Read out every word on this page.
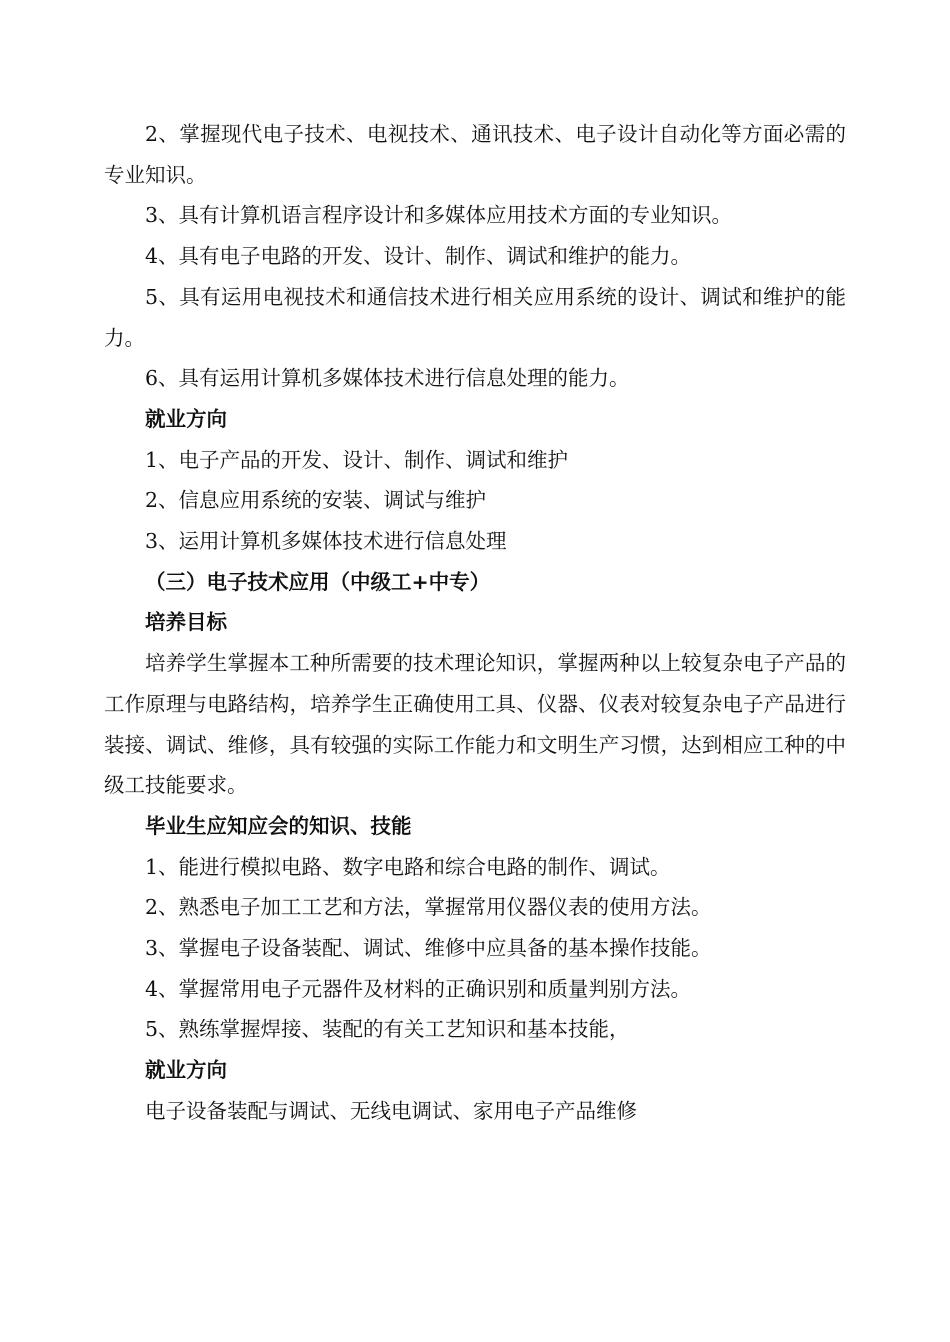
2、掌握现代电子技术、电视技术、通讯技术、电子设计自动化等方面必需的专业知识。

3、具有计算机语言程序设计和多媒体应用技术方面的专业知识。

4、具有电子电路的开发、设计、制作、调试和维护的能力。

5、具有运用电视技术和通信技术进行相关应用系统的设计、调试和维护的能力。

6、具有运用计算机多媒体技术进行信息处理的能力。

就业方向

1、电子产品的开发、设计、制作、调试和维护

2、信息应用系统的安装、调试与维护

3、运用计算机多媒体技术进行信息处理

（三）电子技术应用（中级工+中专）

培养目标

培养学生掌握本工种所需要的技术理论知识，掌握两种以上较复杂电子产品的工作原理与电路结构，培养学生正确使用工具、仪器、仪表对较复杂电子产品进行装接、调试、维修，具有较强的实际工作能力和文明生产习惯，达到相应工种的中级工技能要求。

毕业生应知应会的知识、技能

1、能进行模拟电路、数字电路和综合电路的制作、调试。

2、熟悉电子加工工艺和方法，掌握常用仪器仪表的使用方法。

3、掌握电子设备装配、调试、维修中应具备的基本操作技能。

4、掌握常用电子元器件及材料的正确识别和质量判别方法。

5、熟练掌握焊接、装配的有关工艺知识和基本技能，

就业方向

电子设备装配与调试、无线电调试、家用电子产品维修
